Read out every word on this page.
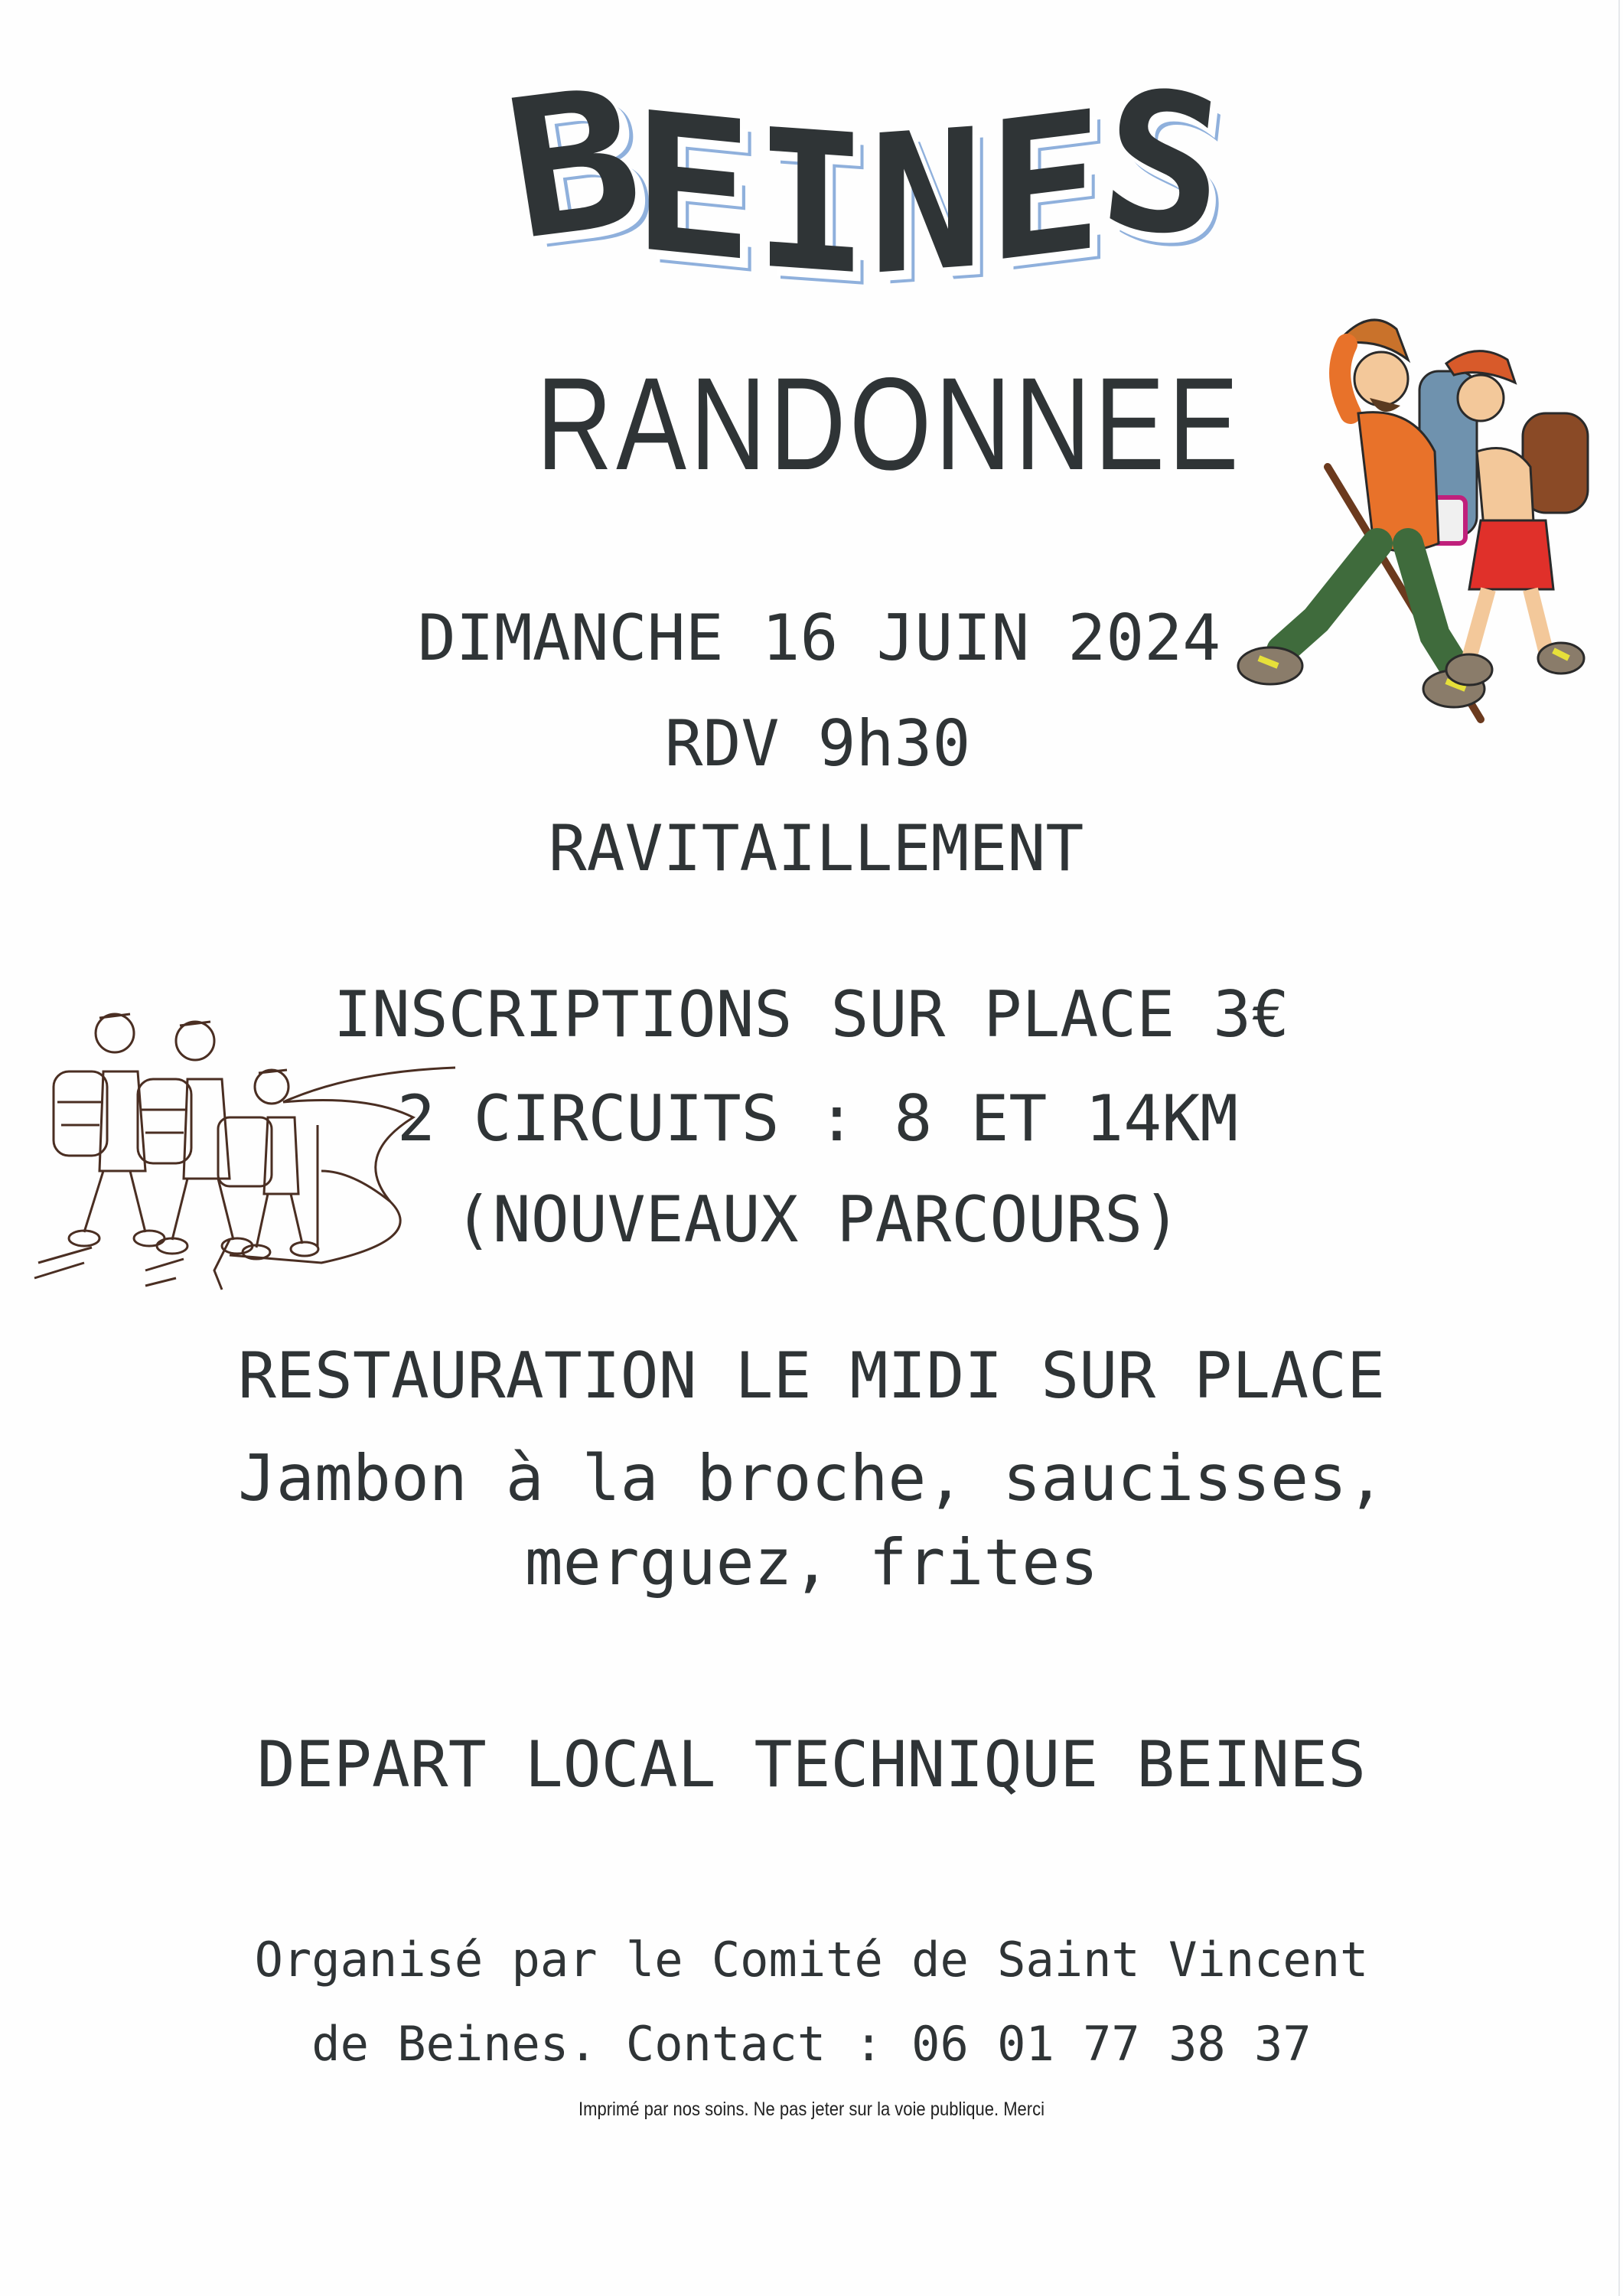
B
E I N E
S
RANDONNEE
DIMANCHE 16 JUIN 2024
RDV 9h30
RAVITAILLEMENT
INSCRIPTIONS SUR PLACE 3€
2 CIRCUITS : 8 ET 14KM
(NOUVEAUX PARCOURS)
RESTAURATION LE MIDI SUR PLACE
Jambon à la broche, saucisses,
merguez, frites
DEPART LOCAL TECHNIQUE BEINES
Organisé par le Comité de Saint Vincent
de Beines. Contact : 06 01 77 38 37
Imprimé par nos soins. Ne pas jeter sur la voie publique. Merci
